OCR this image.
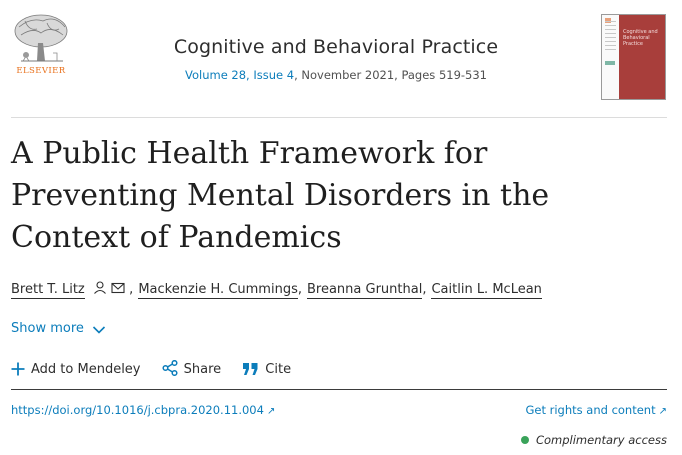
ELSEVIER
Cognitive and Behavioral Practice
Volume 28, Issue 4, November 2021, Pages 519-531
Cognitive and Behavioral Practice
A Public Health Framework for Preventing Mental Disorders in the Context of Pandemics
Brett T. Litz	, Mackenzie H. Cummings, Breanna Grunthal, Caitlin L. McLean
Show more
Add to Mendeley	Share	Cite
https://doi.org/10.1016/j.cbpra.2020.11.004 ↗	Get rights and content ↗
Complimentary access
